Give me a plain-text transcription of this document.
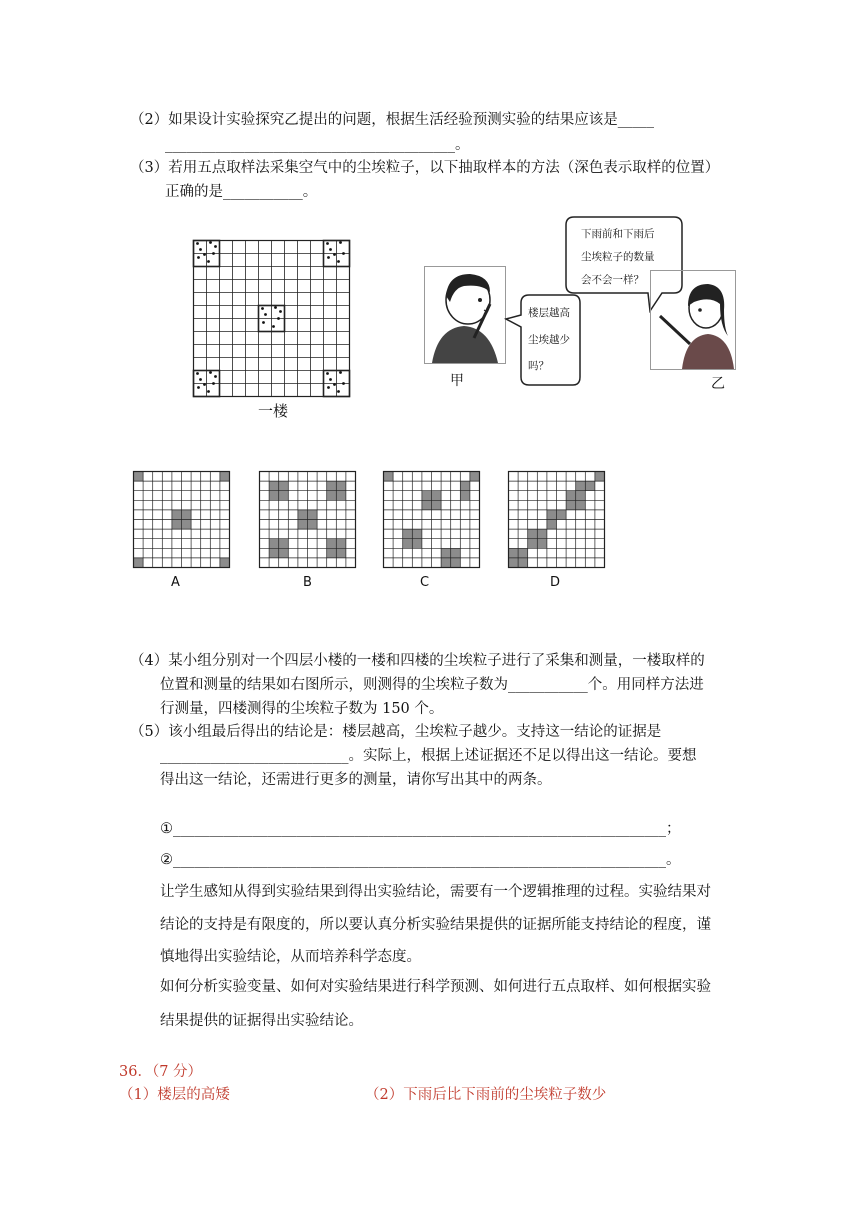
（2）如果设计实验探究乙提出的问题，根据生活经验预测实验的结果应该是_____
________________________________________。
（3）若用五点取样法采集空气中的尘埃粒子，以下抽取样本的方法（深色表示取样的位置）
正确的是___________。
一楼
甲
楼层越高
尘埃越少
吗？
下雨前和下雨后
尘埃粒子的数量
会不会一样？
乙
A	B	C	D
（4）某小组分别对一个四层小楼的一楼和四楼的尘埃粒子进行了采集和测量，一楼取样的
位置和测量的结果如右图所示，则测得的尘埃粒子数为___________个。用同样方法进
行测量，四楼测得的尘埃粒子数为 150 个。
（5）该小组最后得出的结论是：楼层越高，尘埃粒子越少。支持这一结论的证据是
__________________________。实际上，根据上述证据还不足以得出这一结论。要想
得出这一结论，还需进行更多的测量，请你写出其中的两条。
①____________________________________________________________________；
②____________________________________________________________________。
让学生感知从得到实验结果到得出实验结论，需要有一个逻辑推理的过程。实验结果对
结论的支持是有限度的，所以要认真分析实验结果提供的证据所能支持结论的程度，谨
慎地得出实验结论，从而培养科学态度。
如何分析实验变量、如何对实验结果进行科学预测、如何进行五点取样、如何根据实验
结果提供的证据得出实验结论。
36．（7 分）
（1）楼层的高矮	（2）下雨后比下雨前的尘埃粒子数少
